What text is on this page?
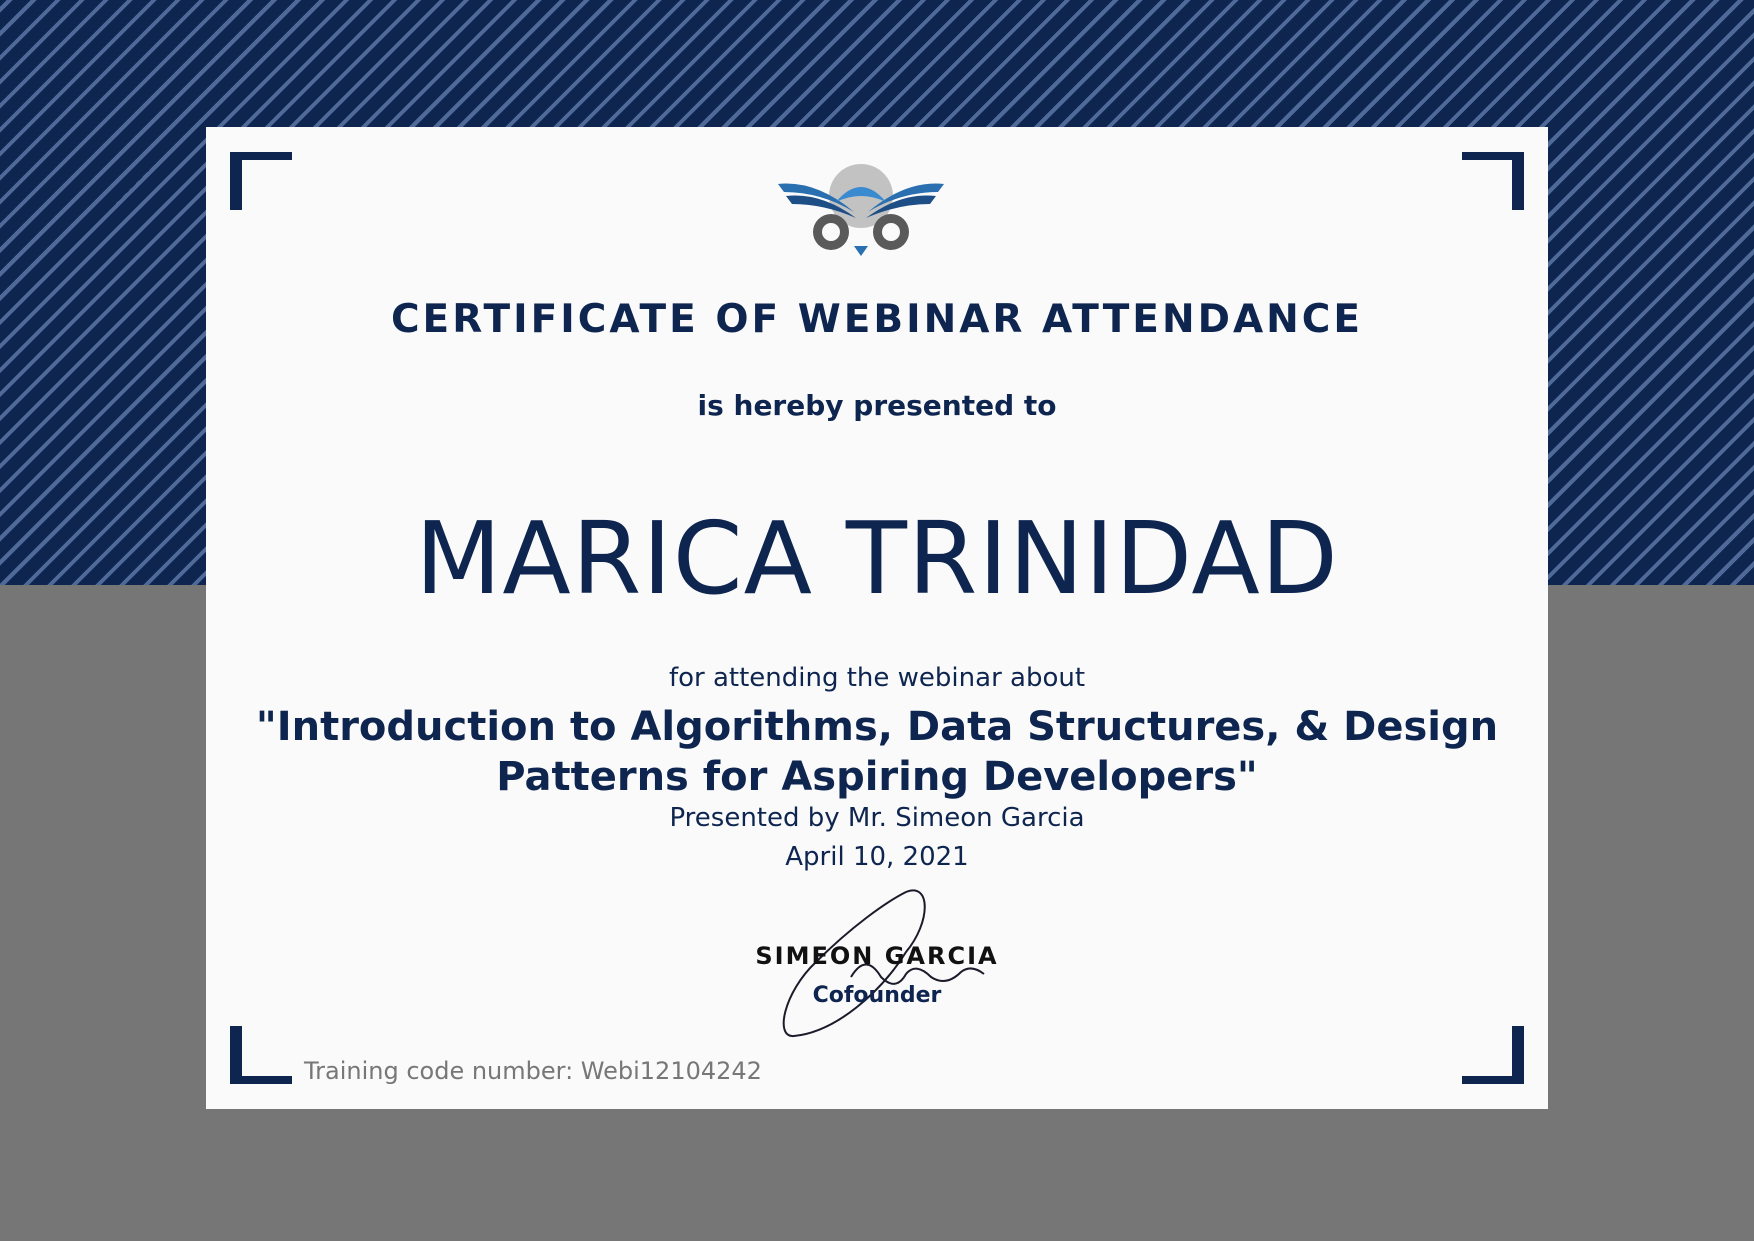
CERTIFICATE OF WEBINAR ATTENDANCE
is hereby presented to
MARICA TRINIDAD
for attending the webinar about
"Introduction to Algorithms, Data Structures, & Design Patterns for Aspiring Developers"
Presented by Mr. Simeon Garcia
April 10, 2021
SIMEON GARCIA
Cofounder
Training code number: Webi12104242
